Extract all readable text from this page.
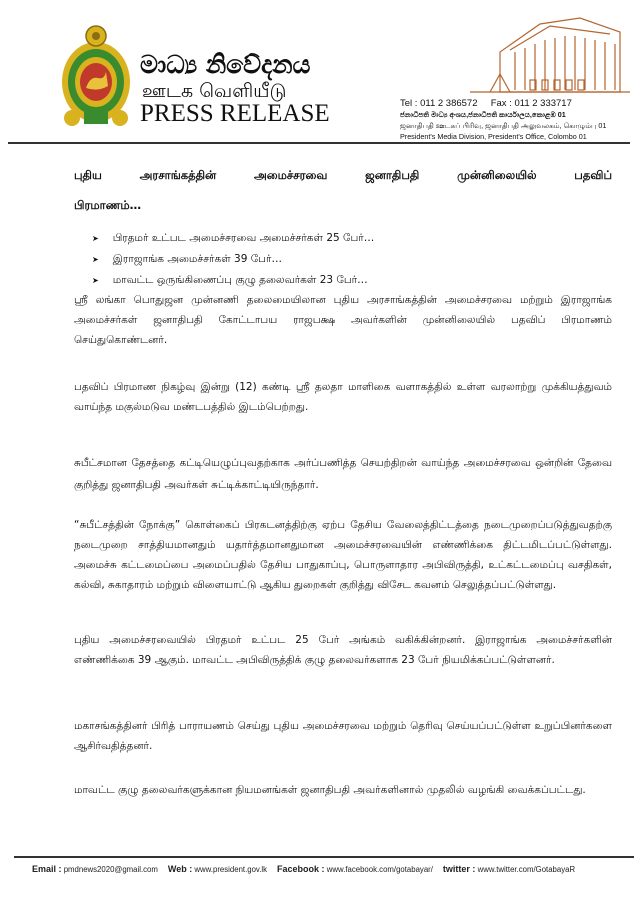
මාධ්‍ය නිවේදනය
ஊடக வெளியீடு
PRESS RELEASE	Tel : 011 2 386572 Fax : 011 2 333717
ජනාධිපති මාධ්‍ය අංශය,ජනාධිපති කාර්යාලය,කොළඹ 01
ஜனாதிபதி ஊடகப் பிரிவு, ஜனாதிபதி அலுவலகம், கொழும்பு 01
President's Media Division, President's Office, Colombo 01
புதிய அரசாங்கத்தின் அமைச்சரவை ஜனாதிபதி முன்னிலையில் பதவிப்
பிரமாணம்…
➤ பிரதமர் உட்பட அமைச்சரவை அமைச்சர்கள் 25 பேர்…
➤ இராஜாங்க அமைச்சர்கள் 39 பேர்…
➤ மாவட்ட ஒருங்கிணைப்பு குழு தலைவர்கள் 23 பேர்…

ஸ்ரீ லங்கா பொதுஜன முன்னணி தலைமையிலான புதிய அரசாங்கத்தின் அமைச்சரவை மற்றும் இராஜாங்க அமைச்சர்கள் ஜனாதிபதி கோட்டாபய ராஜபக்ஷ அவர்களின் முன்னிலையில் பதவிப் பிரமாணம் செய்துகொண்டனர்.

பதவிப் பிரமாண நிகழ்வு இன்று (12) கண்டி ஸ்ரீ தலதா மாளிகை வளாகத்தில் உள்ள வரலாற்று முக்கியத்துவம் வாய்ந்த மகுல்மடுவ மண்டபத்தில் இடம்பெற்றது.

சுபீட்சமான தேசத்தை கட்டியெழுப்புவதற்காக அர்ப்பணித்த செயற்திறன் வாய்ந்த அமைச்சரவை ஒன்றின் தேவை குறித்து ஜனாதிபதி அவர்கள் சுட்டிக்காட்டியிருந்தார்.

“சுபீட்சத்தின் நோக்கு” கொள்கைப் பிரகடனத்திற்கு ஏற்ப தேசிய வேலைத்திட்டத்தை நடைமுறைப்படுத்துவதற்கு நடைமுறை சாத்தியமானதும் யதார்த்தமானதுமான அமைச்சரவையின் எண்ணிக்கை திட்டமிடப்பட்டுள்ளது. அமைச்சு கட்டமைப்பை அமைப்பதில் தேசிய பாதுகாப்பு, பொருளாதார அபிவிருத்தி, உட்கட்டமைப்பு வசதிகள், கல்வி, சுகாதாரம் மற்றும் விளையாட்டு ஆகிய துறைகள் குறித்து விசேட கவனம் செலுத்தப்பட்டுள்ளது.

புதிய அமைச்சரவையில் பிரதமர் உட்பட 25 பேர் அங்கம் வகிக்கின்றனர். இராஜாங்க அமைச்சர்களின் எண்ணிக்கை 39 ஆகும். மாவட்ட அபிவிருத்திக் குழு தலைவர்களாக 23 பேர் நியமிக்கப்பட்டுள்ளனர்.

மகாசங்கத்தினர் பிரித் பாராயணம் செய்து புதிய அமைச்சரவை மற்றும் தெரிவு செய்யப்பட்டுள்ள உறுப்பினர்களை ஆசிர்வதித்தனர்.

மாவட்ட குழு தலைவர்களுக்கான நியமனங்கள் ஜனாதிபதி அவர்களினால் முதலில் வழங்கி வைக்கப்பட்டது.

Email : pmdnews2020@gmail.com Web : www.president.gov.lk Facebook : www.facebook.com/gotabayar/ twitter : www.twitter.com/GotabayaR
